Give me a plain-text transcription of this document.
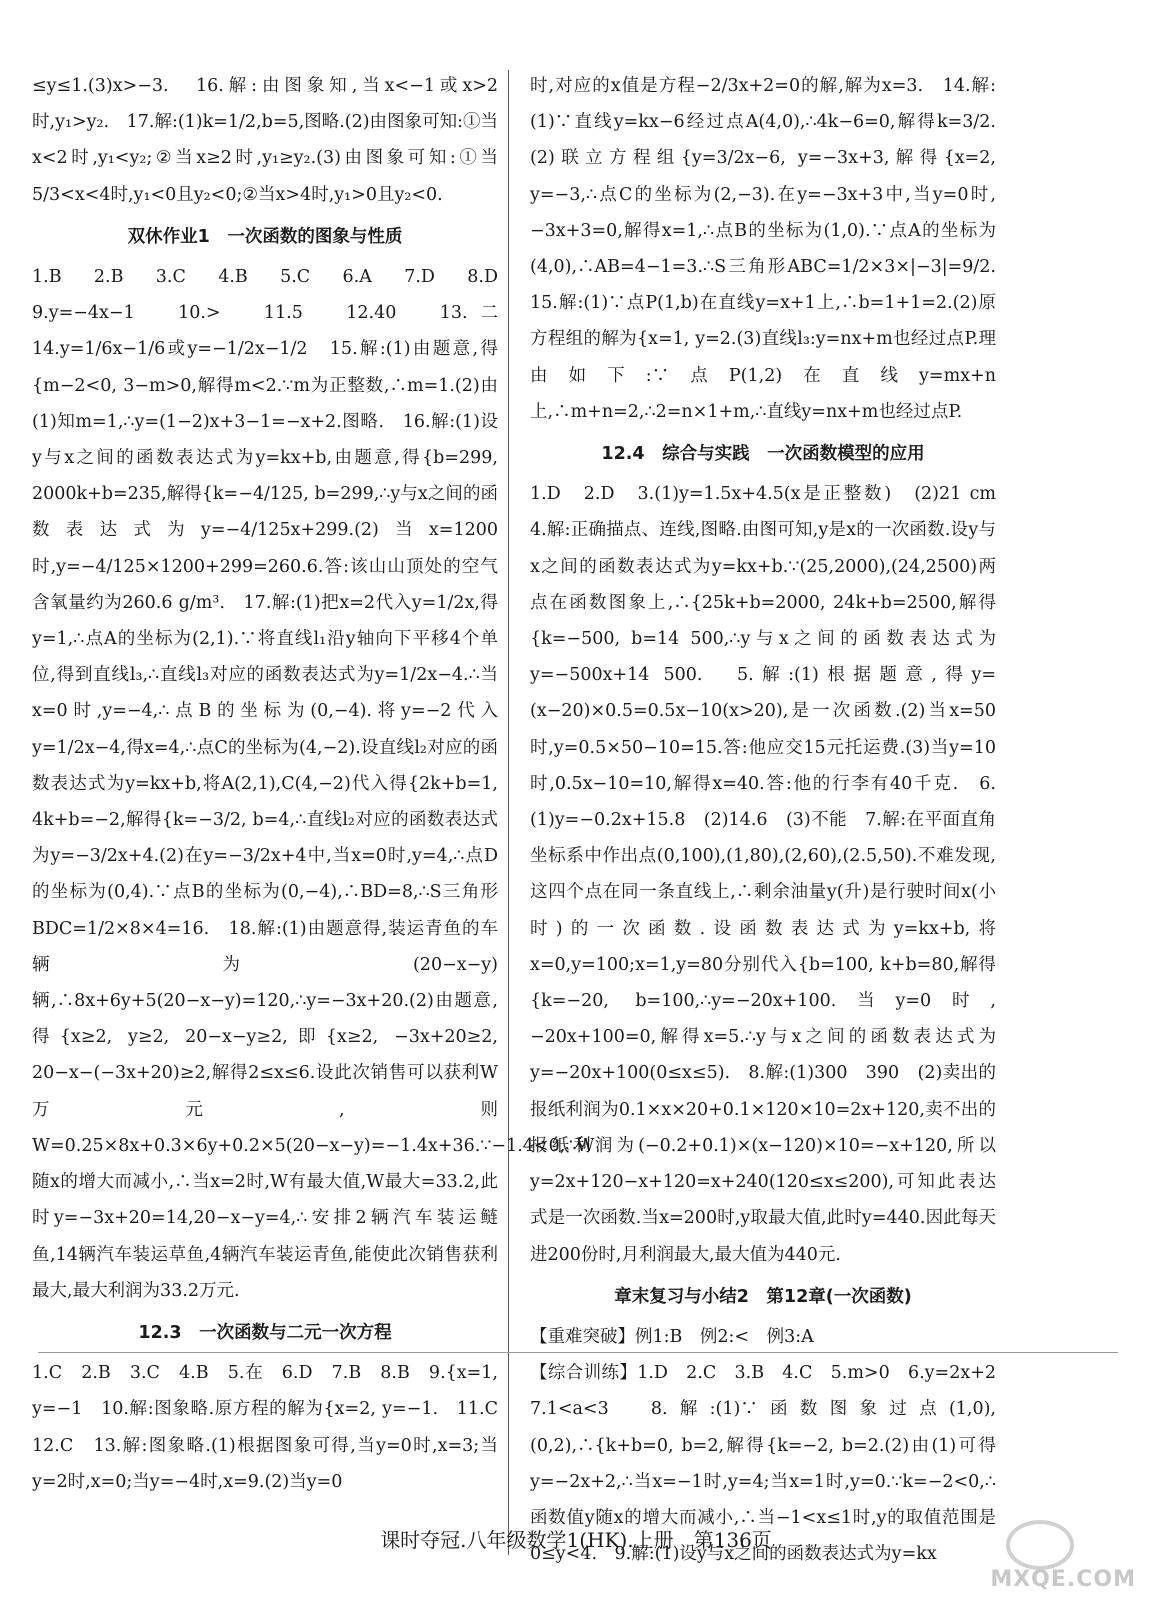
≤y≤1.(3)x>−3.　16.解:由图象知,当x<−1或x>2时,y₁>y₂.　17.解:(1)k=1/2,b=5,图略.(2)由图象可知:①当x<2时,y₁<y₂;②当x≥2时,y₁≥y₂.(3)由图象可知:①当5/3<x<4时,y₁<0且y₂<0;②当x>4时,y₁>0且y₂<0.
双休作业1　一次函数的图象与性质
1.B　2.B　3.C　4.B　5.C　6.A　7.D　8.D　9.y=−4x−1　10.>　11.5　12.40　13.二　14.y=1/6x−1/6或y=−1/2x−1/2　15.解:(1)由题意,得{m−2<0, 3−m>0,解得m<2.∵m为正整数,∴m=1.(2)由(1)知m=1,∴y=(1−2)x+3−1=−x+2.图略.　16.解:(1)设y与x之间的函数表达式为y=kx+b,由题意,得{b=299, 2000k+b=235,解得{k=−4/125, b=299,∴y与x之间的函数表达式为y=−4/125x+299.(2)当x=1200时,y=−4/125×1200+299=260.6.答:该山山顶处的空气含氧量约为260.6 g/m³.　17.解:(1)把x=2代入y=1/2x,得y=1,∴点A的坐标为(2,1).∵将直线l₁沿y轴向下平移4个单位,得到直线l₃,∴直线l₃对应的函数表达式为y=1/2x−4.∴当x=0时,y=−4,∴点B的坐标为(0,−4).将y=−2代入y=1/2x−4,得x=4,∴点C的坐标为(4,−2).设直线l₂对应的函数表达式为y=kx+b,将A(2,1),C(4,−2)代入得{2k+b=1, 4k+b=−2,解得{k=−3/2, b=4,∴直线l₂对应的函数表达式为y=−3/2x+4.(2)在y=−3/2x+4中,当x=0时,y=4,∴点D的坐标为(0,4).∵点B的坐标为(0,−4),∴BD=8,∴S三角形BDC=1/2×8×4=16.　18.解:(1)由题意得,装运青鱼的车辆为(20−x−y)辆,∴8x+6y+5(20−x−y)=120,∴y=−3x+20.(2)由题意,得{x≥2, y≥2, 20−x−y≥2,即{x≥2, −3x+20≥2, 20−x−(−3x+20)≥2,解得2≤x≤6.设此次销售可以获利W万元,则W=0.25×8x+0.3×6y+0.2×5(20−x−y)=−1.4x+36.∵−1.4<0,∴W随x的增大而减小,∴当x=2时,W有最大值,W最大=33.2,此时y=−3x+20=14,20−x−y=4,∴安排2辆汽车装运鲢鱼,14辆汽车装运草鱼,4辆汽车装运青鱼,能使此次销售获利最大,最大利润为33.2万元.
12.3　一次函数与二元一次方程
1.C　2.B　3.C　4.B　5.在　6.D　7.B　8.B　9.{x=1, y=−1　10.解:图象略.原方程的解为{x=2, y=−1.　11.C　12.C　13.解:图象略.(1)根据图象可得,当y=0时,x=3;当y=2时,x=0;当y=−4时,x=9.(2)当y=0
时,对应的x值是方程−2/3x+2=0的解,解为x=3.　14.解:(1)∵直线y=kx−6经过点A(4,0),∴4k−6=0,解得k=3/2.(2)联立方程组{y=3/2x−6, y=−3x+3,解得{x=2, y=−3,∴点C的坐标为(2,−3).在y=−3x+3中,当y=0时,−3x+3=0,解得x=1,∴点B的坐标为(1,0).∵点A的坐标为(4,0),∴AB=4−1=3.∴S三角形ABC=1/2×3×|−3|=9/2.　15.解:(1)∵点P(1,b)在直线y=x+1上,∴b=1+1=2.(2)原方程组的解为{x=1, y=2.(3)直线l₃:y=nx+m也经过点P.理由如下:∵点P(1,2)在直线y=mx+n上,∴m+n=2,∴2=n×1+m,∴直线y=nx+m也经过点P.
12.4　综合与实践　一次函数模型的应用
1.D　2.D　3.(1)y=1.5x+4.5(x是正整数)　(2)21 cm　4.解:正确描点、连线,图略.由图可知,y是x的一次函数.设y与x之间的函数表达式为y=kx+b.∵(25,2000),(24,2500)两点在函数图象上,∴{25k+b=2000, 24k+b=2500,解得{k=−500, b=14 500,∴y与x之间的函数表达式为y=−500x+14 500.　5.解:(1)根据题意,得y=(x−20)×0.5=0.5x−10(x>20),是一次函数.(2)当x=50时,y=0.5×50−10=15.答:他应交15元托运费.(3)当y=10时,0.5x−10=10,解得x=40.答:他的行李有40千克.　6.(1)y=−0.2x+15.8　(2)14.6　(3)不能　7.解:在平面直角坐标系中作出点(0,100),(1,80),(2,60),(2.5,50).不难发现,这四个点在同一条直线上,∴剩余油量y(升)是行驶时间x(小时)的一次函数.设函数表达式为y=kx+b,将x=0,y=100;x=1,y=80分别代入{b=100, k+b=80,解得{k=−20, b=100,∴y=−20x+100.当y=0时,−20x+100=0,解得x=5.∴y与x之间的函数表达式为y=−20x+100(0≤x≤5).　8.解:(1)300　390　(2)卖出的报纸利润为0.1×x×20+0.1×120×10=2x+120,卖不出的报纸利润为(−0.2+0.1)×(x−120)×10=−x+120,所以y=2x+120−x+120=x+240(120≤x≤200),可知此表达式是一次函数.当x=200时,y取最大值,此时y=440.因此每天进200份时,月利润最大,最大值为440元.
章末复习与小结2　第12章(一次函数)
【重难突破】例1:B　例2:<　例3:A
【综合训练】1.D　2.C　3.B　4.C　5.m>0　6.y=2x+2　7.1<a<3　8.解:(1)∵函数图象过点(1,0),(0,2),∴{k+b=0, b=2,解得{k=−2, b=2.(2)由(1)可得y=−2x+2,∴当x=−1时,y=4;当x=1时,y=0.∵k=−2<0,∴函数值y随x的增大而减小,∴当−1<x≤1时,y的取值范围是0≤y<4.　9.解:(1)设y与x之间的函数表达式为y=kx
课时夺冠.八年级数学1(HK).上册　第136页
MXQE.COM
